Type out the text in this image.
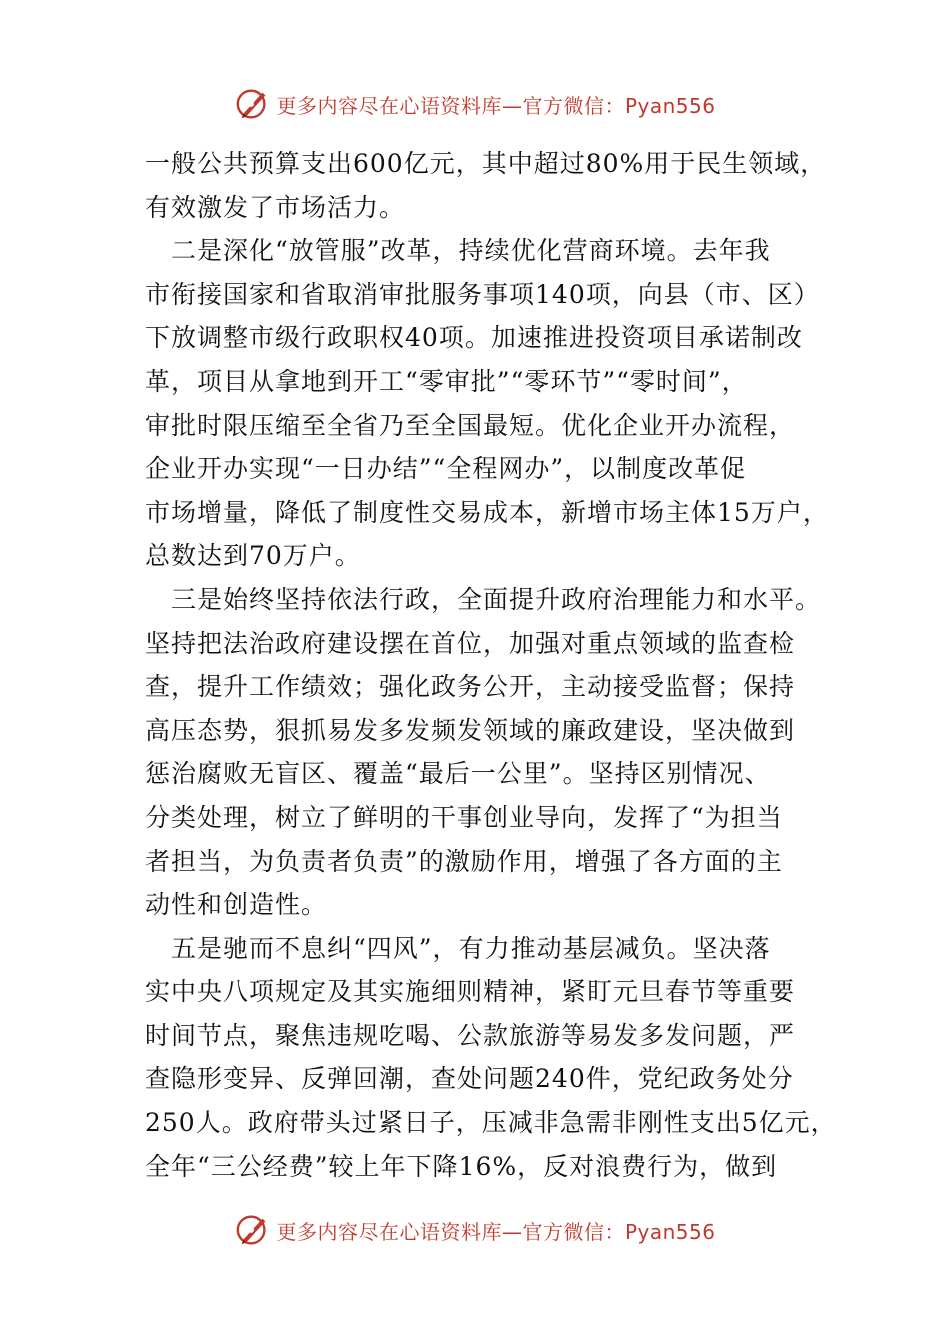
更多内容尽在心语资料库—官方微信：Pyan556
一般公共预算支出600亿元，其中超过80%用于民生领域，
有效激发了市场活力。
　二是深化“放管服”改革，持续优化营商环境。去年我
市衔接国家和省取消审批服务事项140项，向县（市、区）
下放调整市级行政职权40项。加速推进投资项目承诺制改
革，项目从拿地到开工“零审批”“零环节”“零时间”，
审批时限压缩至全省乃至全国最短。优化企业开办流程，
企业开办实现“一日办结”“全程网办”，以制度改革促
市场增量，降低了制度性交易成本，新增市场主体15万户，
总数达到70万户。
　三是始终坚持依法行政，全面提升政府治理能力和水平。
坚持把法治政府建设摆在首位，加强对重点领域的监查检
查，提升工作绩效；强化政务公开，主动接受监督；保持
高压态势，狠抓易发多发频发领域的廉政建设，坚决做到
惩治腐败无盲区、覆盖“最后一公里”。坚持区别情况、
分类处理，树立了鲜明的干事创业导向，发挥了“为担当
者担当，为负责者负责”的激励作用，增强了各方面的主
动性和创造性。
　五是驰而不息纠“四风”，有力推动基层减负。坚决落
实中央八项规定及其实施细则精神，紧盯元旦春节等重要
时间节点，聚焦违规吃喝、公款旅游等易发多发问题，严
查隐形变异、反弹回潮，查处问题240件，党纪政务处分
250人。政府带头过紧日子，压减非急需非刚性支出5亿元，
全年“三公经费”较上年下降16%，反对浪费行为，做到
更多内容尽在心语资料库—官方微信：Pyan556
